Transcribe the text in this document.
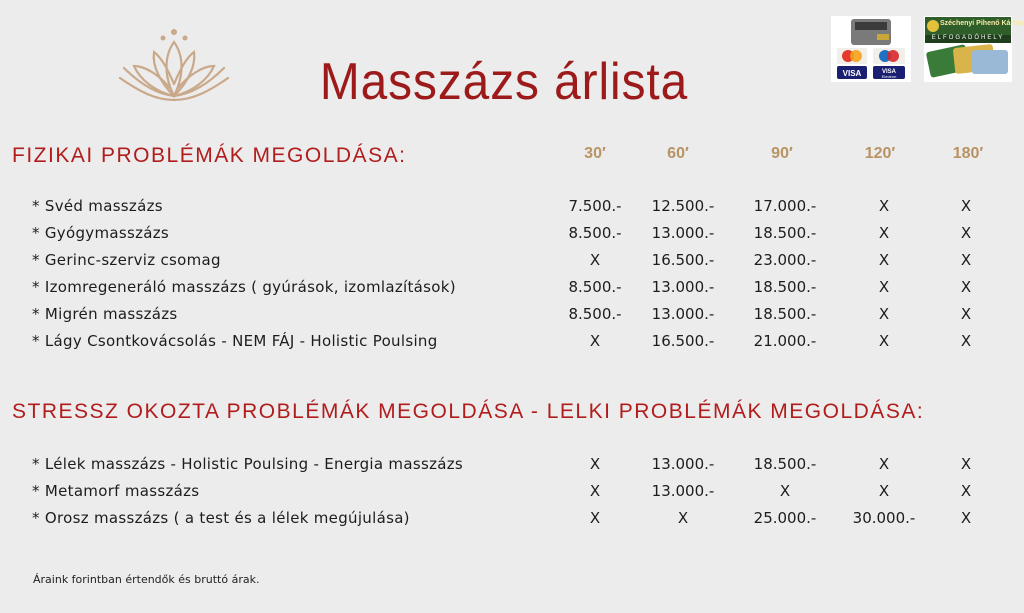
Masszázs árlista	VISA	VISA
Electron
Széchenyi Pihenő Kártya
ELFOGADÓHELY
FIZIKAI PROBLÉMÁK MEGOLDÁSA:	30′	60′	90′	120′	180′
* Svéd masszázs	7.500.-	12.500.-	17.000.-	X	X
* Gyógymasszázs	8.500.-	13.000.-	18.500.-	X	X
* Gerinc-szerviz csomag	X	16.500.-	23.000.-	X	X
* Izomregeneráló masszázs ( gyúrások, izomlazítások)	8.500.-	13.000.-	18.500.-	X	X
* Migrén masszázs	8.500.-	13.000.-	18.500.-	X	X
* Lágy Csontkovácsolás - NEM FÁJ - Holistic Poulsing	X	16.500.-	21.000.-	X	X
STRESSZ OKOZTA PROBLÉMÁK MEGOLDÁSA - LELKI PROBLÉMÁK MEGOLDÁSA:
* Lélek masszázs - Holistic Poulsing - Energia masszázs	X	13.000.-	18.500.-	X	X
* Metamorf masszázs	X	13.000.-	X	X	X
* Orosz masszázs ( a test és a lélek megújulása)	X	X	25.000.-	30.000.-	X
Áraink forintban értendők és bruttó árak.
